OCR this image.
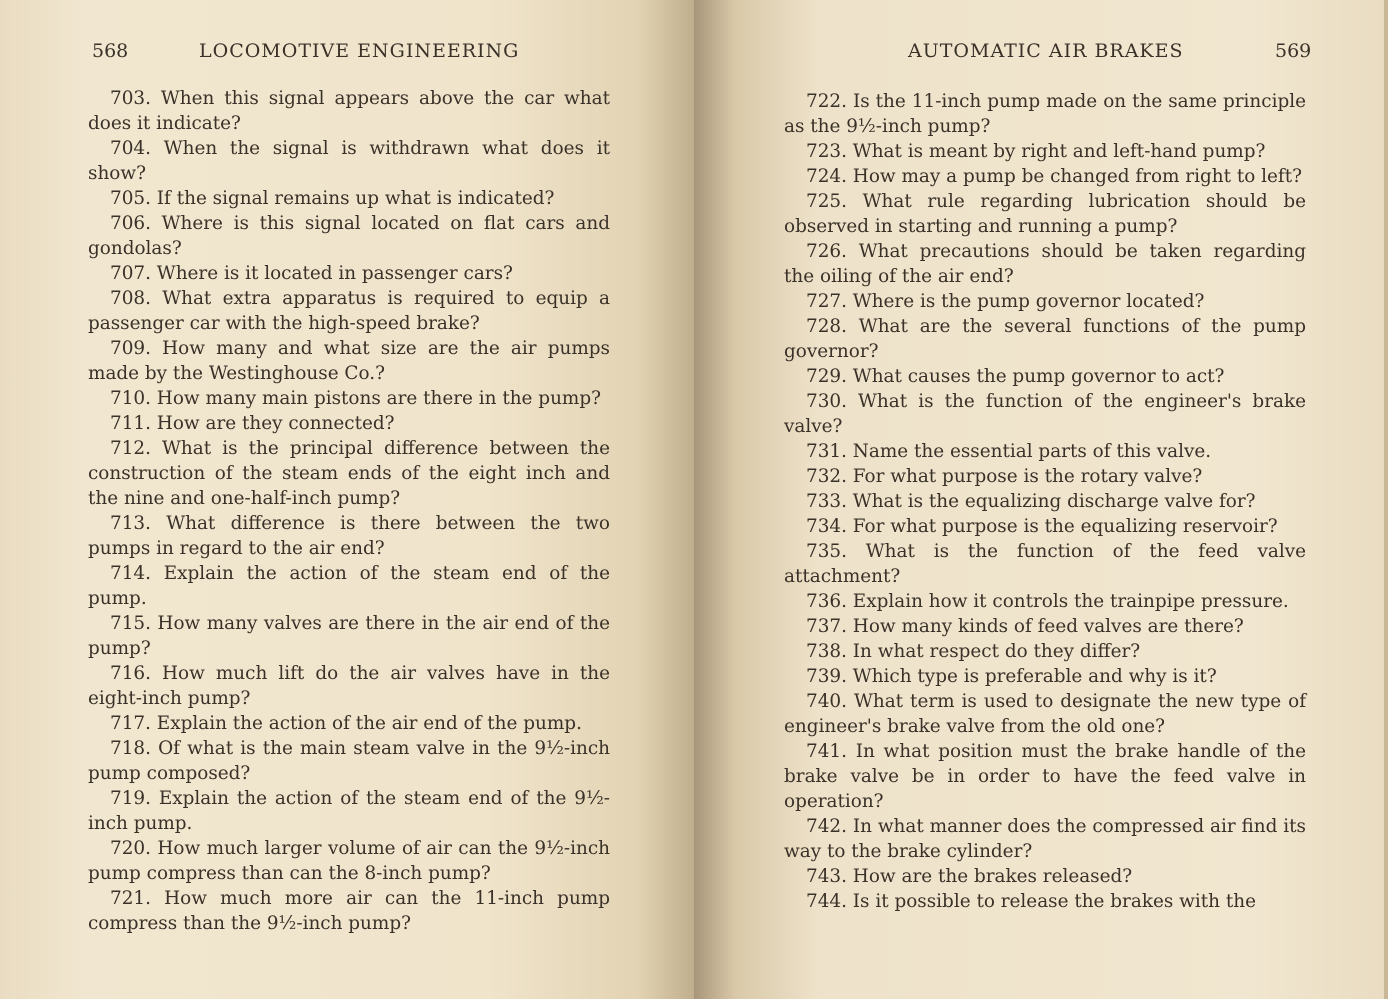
568	LOCOMOTIVE ENGINEERING

703. When this signal appears above the car what does it indicate?

704. When the signal is withdrawn what does it show?

705. If the signal remains up what is indicated?

706. Where is this signal located on flat cars and gondolas?

707. Where is it located in passenger cars?

708. What extra apparatus is required to equip a passenger car with the high-speed brake?

709. How many and what size are the air pumps made by the Westinghouse Co.?

710. How many main pistons are there in the pump?

711. How are they connected?

712. What is the principal difference between the construction of the steam ends of the eight inch and the nine and one-half-inch pump?

713. What difference is there between the two pumps in regard to the air end?

714. Explain the action of the steam end of the pump.

715. How many valves are there in the air end of the pump?

716. How much lift do the air valves have in the eight-inch pump?

717. Explain the action of the air end of the pump.

718. Of what is the main steam valve in the 9½-inch pump composed?

719. Explain the action of the steam end of the 9½-inch pump.

720. How much larger volume of air can the 9½-inch pump compress than can the 8-inch pump?

721. How much more air can the 11-inch pump compress than the 9½-inch pump?

AUTOMATIC AIR BRAKES	569

722. Is the 11-inch pump made on the same principle as the 9½-inch pump?

723. What is meant by right and left-hand pump?

724. How may a pump be changed from right to left?

725. What rule regarding lubrication should be observed in starting and running a pump?

726. What precautions should be taken regarding the oiling of the air end?

727. Where is the pump governor located?

728. What are the several functions of the pump governor?

729. What causes the pump governor to act?

730. What is the function of the engineer's brake valve?

731. Name the essential parts of this valve.

732. For what purpose is the rotary valve?

733. What is the equalizing discharge valve for?

734. For what purpose is the equalizing reservoir?

735. What is the function of the feed valve attachment?

736. Explain how it controls the trainpipe pressure.

737. How many kinds of feed valves are there?

738. In what respect do they differ?

739. Which type is preferable and why is it?

740. What term is used to designate the new type of engineer's brake valve from the old one?

741. In what position must the brake handle of the brake valve be in order to have the feed valve in operation?

742. In what manner does the compressed air find its way to the brake cylinder?

743. How are the brakes released?

744. Is it possible to release the brakes with the
